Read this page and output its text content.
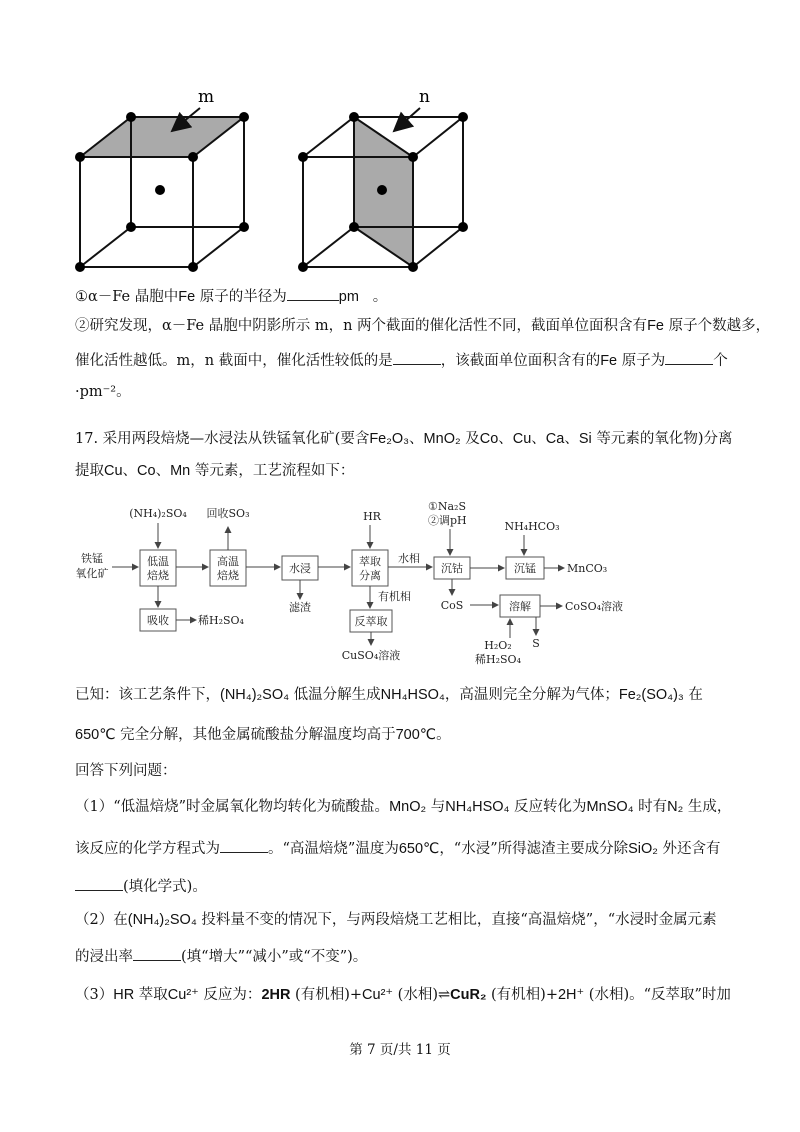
m	n
①α－Fe 晶胞中Fe 原子的半径为	pm 。
②研究发现，α－Fe 晶胞中阴影所示 m，n 两个截面的催化活性不同，截面单位面积含有Fe 原子个数越多，
催化活性越低。m，n 截面中，催化活性较低的是	，该截面单位面积含有的Fe 原子为	个
·pm⁻²。
17. 采用两段焙烧—水浸法从铁锰氧化矿(要含Fe₂O₃、MnO₂ 及Co、Cu、Ca、Si 等元素的氧化物)分离
提取Cu、Co、Mn 等元素，工艺流程如下：
铁锰
氧化矿
低温
焙烧
(NH₄)₂SO₄
吸收	稀H₂SO₄
高温
焙烧
回收SO₃
水浸
滤渣
萃取
分离
HR
有机相
反萃取
CuSO₄溶液
水相
①Na₂S
②调pH
沉钴
CoS
NH₄HCO₃
沉锰	MnCO₃
溶解	CoSO₄溶液
H₂O₂
稀H₂SO₄
S
已知：该工艺条件下，(NH₄)₂SO₄ 低温分解生成NH₄HSO₄，高温则完全分解为气体；Fe₂(SO₄)₃ 在
650℃ 完全分解，其他金属硫酸盐分解温度均高于700℃。
回答下列问题：
（1）“低温焙烧”时金属氧化物均转化为硫酸盐。MnO₂ 与NH₄HSO₄ 反应转化为MnSO₄ 时有N₂ 生成，
该反应的化学方程式为	。“高温焙烧”温度为650℃，“水浸”所得滤渣主要成分除SiO₂ 外还含有
(填化学式)。
（2）在(NH₄)₂SO₄ 投料量不变的情况下，与两段焙烧工艺相比，直接“高温焙烧”，“水浸时金属元素
的浸出率	(填“增大”“减小”或“不变”)。
（3）HR 萃取Cu²⁺ 反应为：2HR (有机相)+Cu²⁺ (水相)⇌CuR₂ (有机相)+2H⁺ (水相)。“反萃取”时加
第 7 页/共 11 页
